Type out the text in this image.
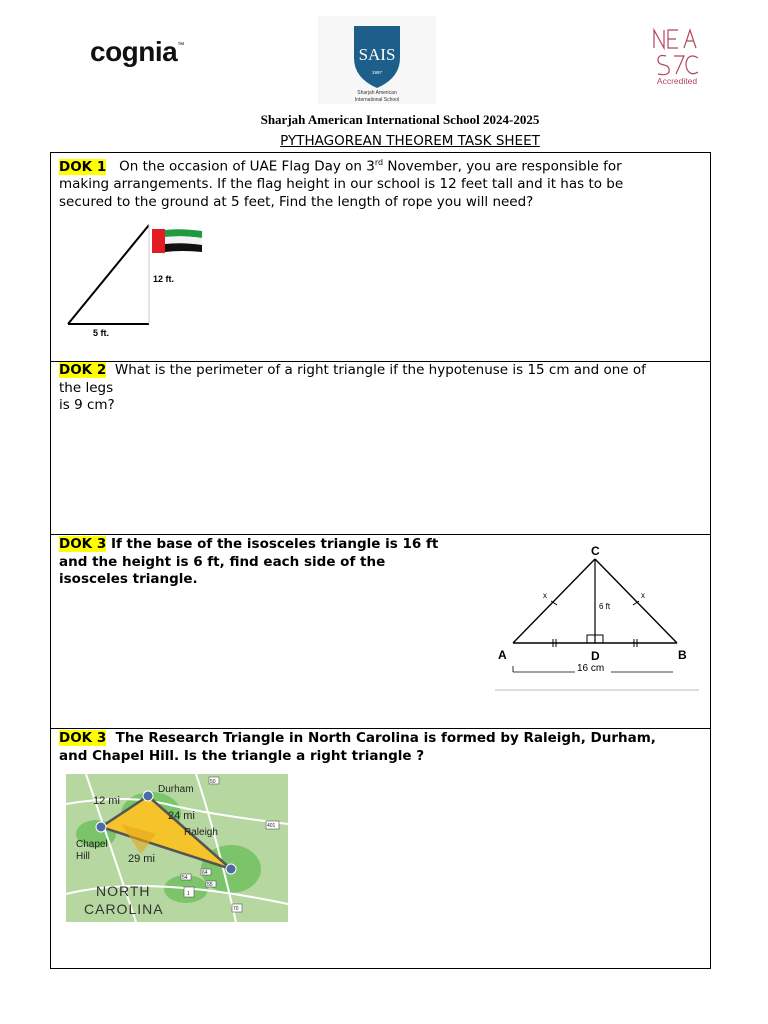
cognia™	SAIS
1997
Sharjah American
International School
Accredited
Sharjah American International School 2024-2025
PYTHAGOREAN THEOREM TASK SHEET
DOK 1 On the occasion of UAE Flag Day on 3rd November, you are responsible for
making arrangements. If the flag height in our school is 12 feet tall and it has to be
secured to the ground at 5 feet, Find the length of rope you will need?
12 ft.
5 ft.
DOK 2 What is the perimeter of a right triangle if the hypotenuse is 15 cm and one of
the legs
is 9 cm?
DOK 3 If the base of the isosceles triangle is 16 ft
and the height is 6 ft, find each side of the
isosceles triangle.
C
A	B
D
x	x
6 ft
16 cm
DOK 3 The Research Triangle in North Carolina is formed by Raleigh, Durham,
and Chapel Hill. Is the triangle a right triangle ?
Durham
Raleigh
Chapel
Hill
12 mi
24 mi
29 mi
NORTH
CAROLINA
50
401
1
70
54
55
64
